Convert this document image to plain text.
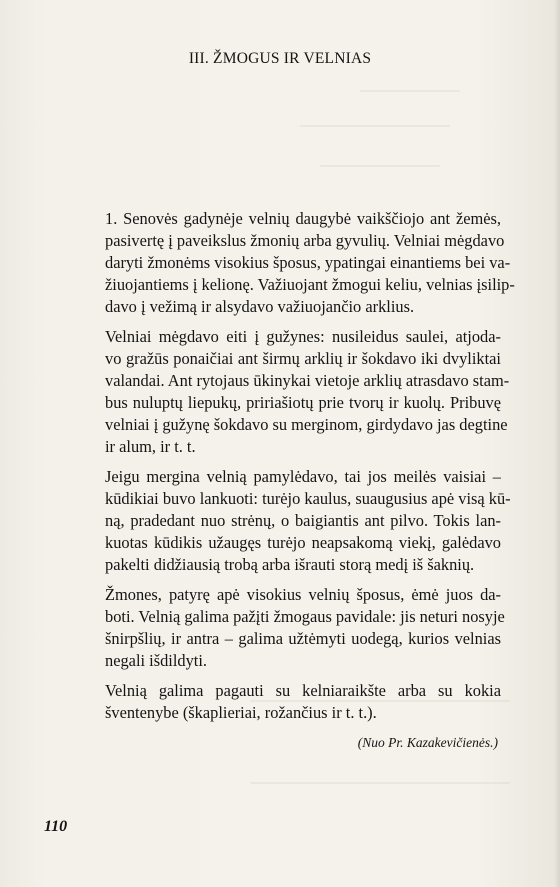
III. ŽMOGUS IR VELNIAS

1. Senovės gadynėje velnių daugybė vaikščiojo ant žemės,
pasivertę į paveikslus žmonių arba gyvulių. Velniai mėgdavo
daryti žmonėms visokius šposus, ypatingai einantiems bei va-
žiuojantiems į kelionę. Važiuojant žmogui keliu, velnias įsilip-
davo į vežimą ir alsydavo važiuojančio arklius.

Velniai mėgdavo eiti į gužynes: nusileidus saulei, atjoda-
vo gražūs ponaičiai ant širmų arklių ir šokdavo iki dvyliktai
valandai. Ant rytojaus ūkinykai vietoje arklių atrasdavo stam-
bus nuluptų liepukų, pririašiotų prie tvorų ir kuolų. Pribuvę
velniai į gužynę šokdavo su merginom, girdydavo jas degtine
ir alum, ir t. t.

Jeigu mergina velnią pamylėdavo, tai jos meilės vaisiai –
kūdikiai buvo lankuoti: turėjo kaulus, suaugusius apė visą kū-
ną, pradedant nuo strėnų, o baigiantis ant pilvo. Tokis lan-
kuotas kūdikis užaugęs turėjo neapsakomą viekį, galėdavo
pakelti didžiausią trobą arba išrauti storą medį iš šaknių.

Žmones, patyrę apė visokius velnių šposus, ėmė juos da-
boti. Velnią galima pažįti žmogaus pavidale: jis neturi nosyje
šnirpšlių, ir antra – galima užtėmyti uodegą, kurios velnias
negali išdildyti.

Velnią galima pagauti su kelniaraikšte arba su kokia
šventenybe (škaplieriai, rožančius ir t. t.).

(Nuo Pr. Kazakevičienės.)
110
